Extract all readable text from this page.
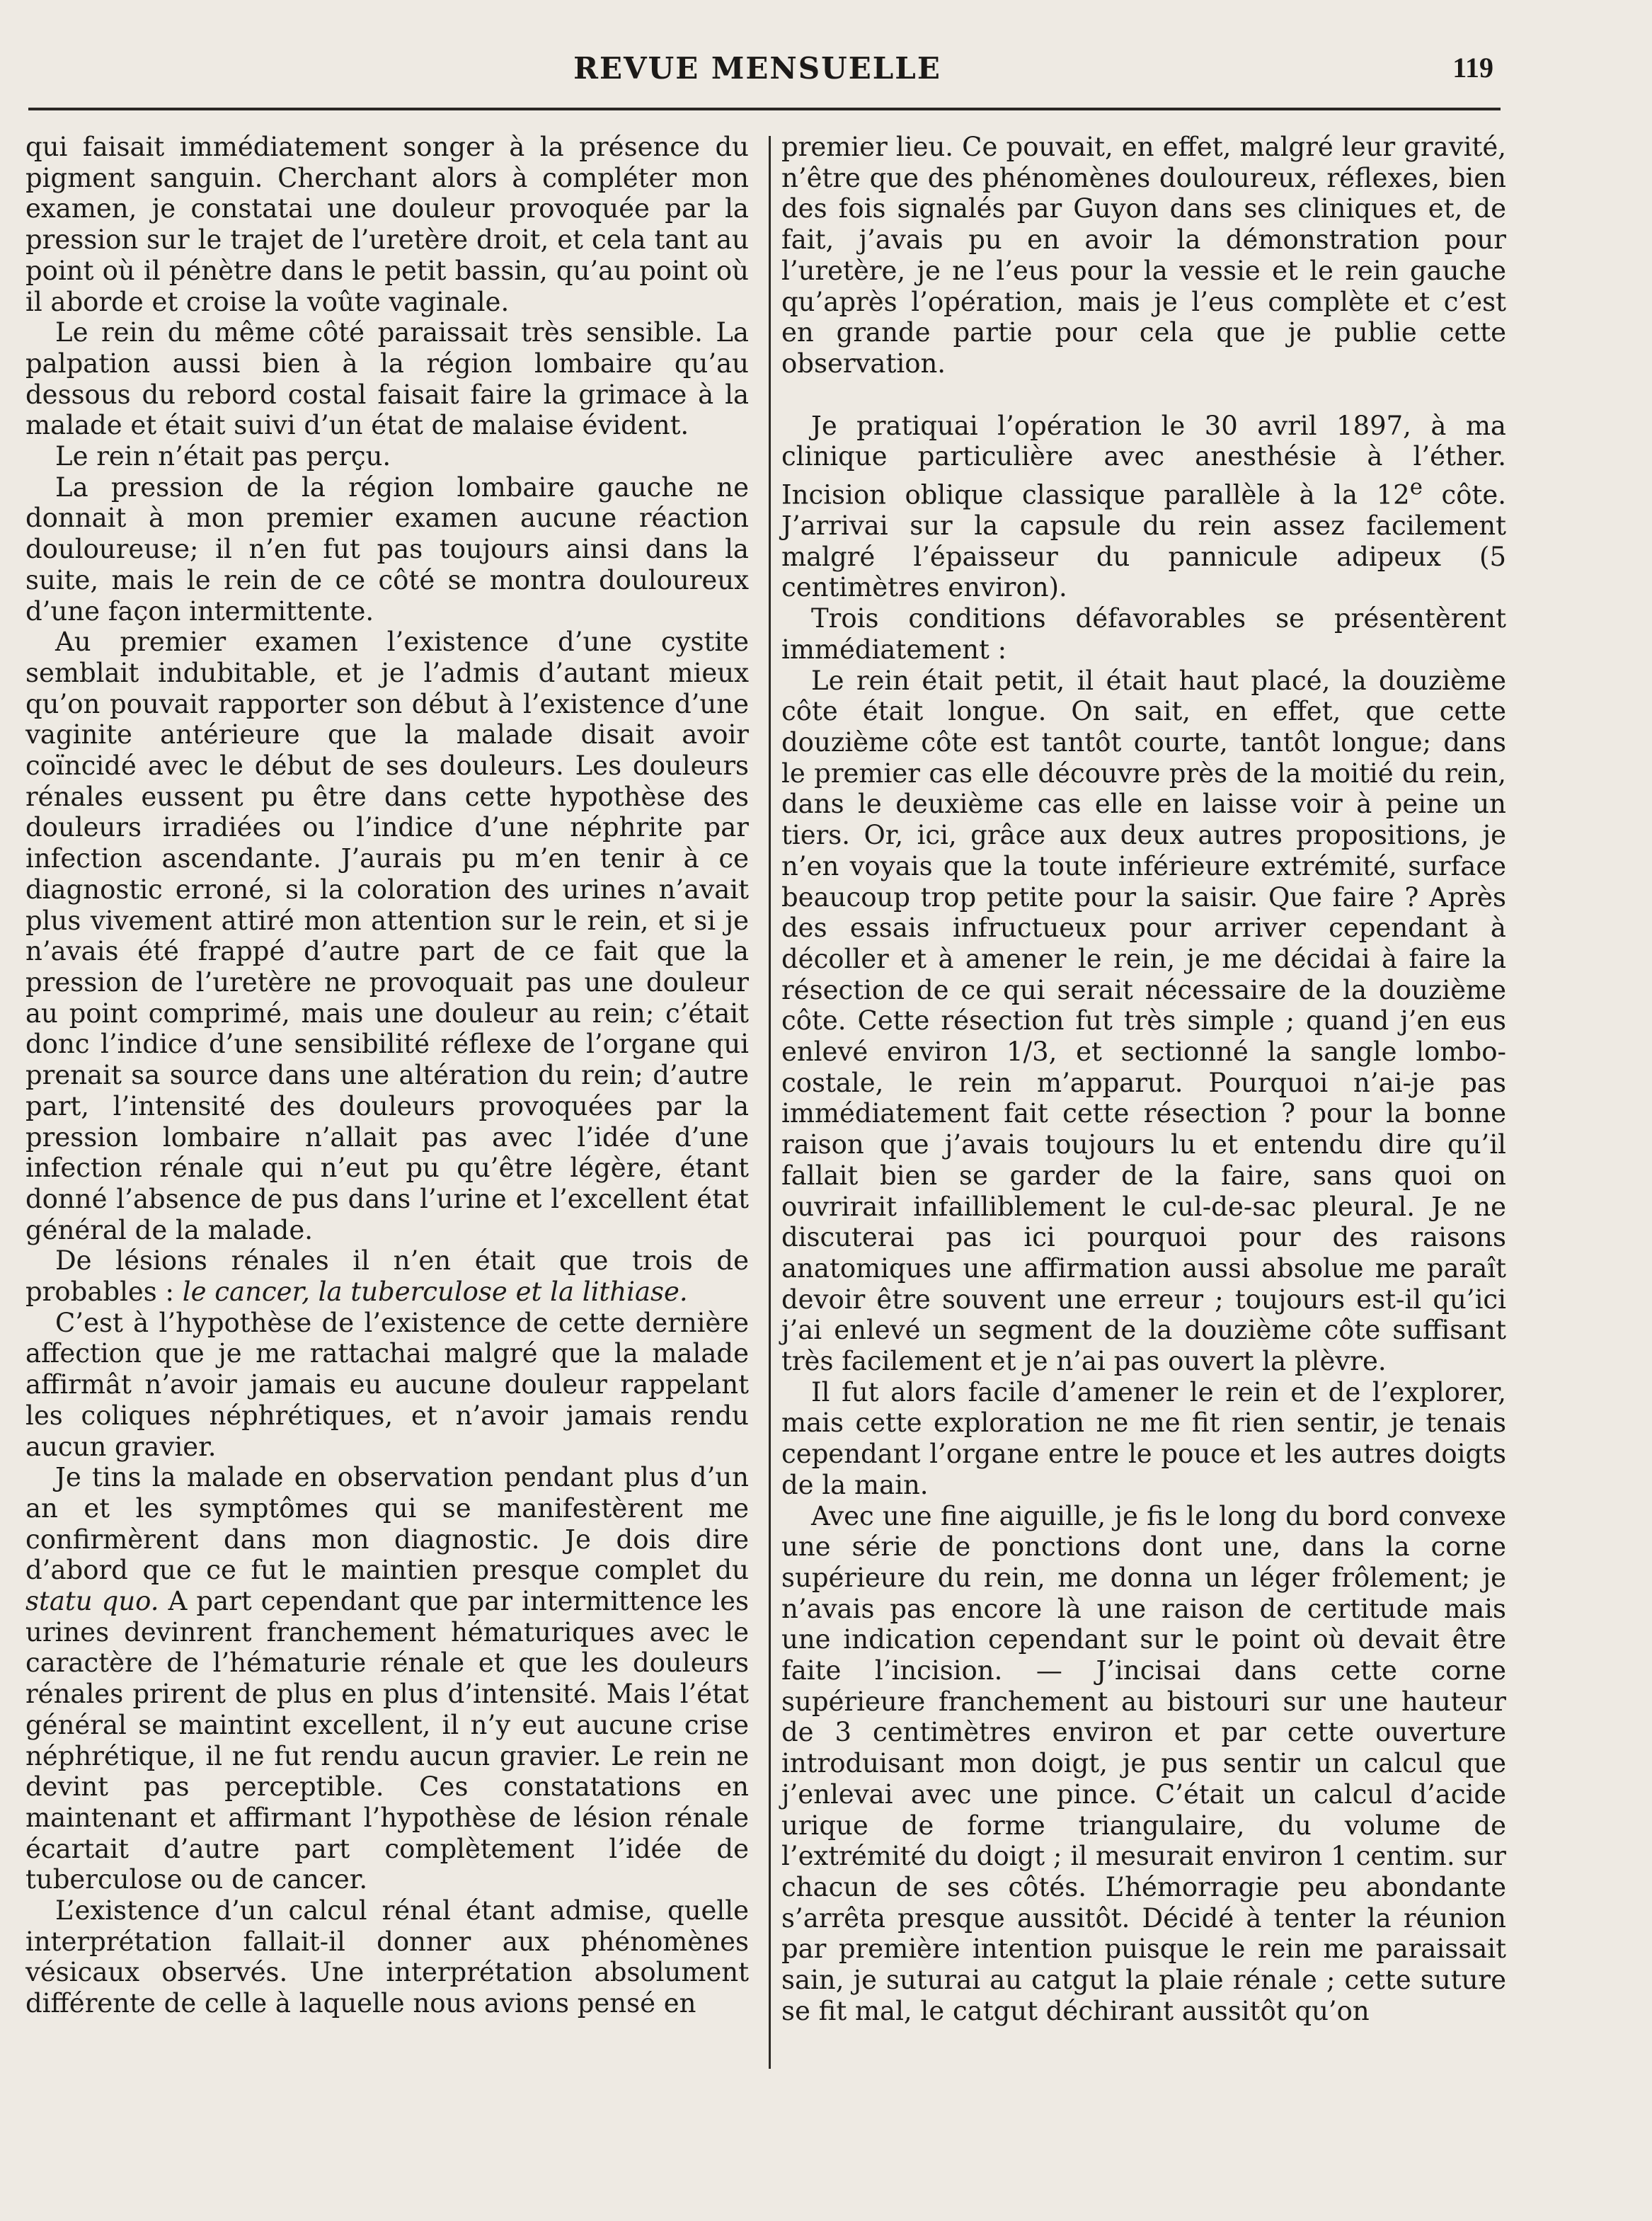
REVUE MENSUELLE	119

qui faisait immédiatement songer à la présence du pigment sanguin. Cherchant alors à compléter mon examen, je constatai une douleur provoquée par la pression sur le trajet de l’uretère droit, et cela tant au point où il pénètre dans le petit bassin, qu’au point où il aborde et croise la voûte vaginale.

Le rein du même côté paraissait très sensible. La palpation aussi bien à la région lombaire qu’au dessous du rebord costal faisait faire la grimace à la malade et était suivi d’un état de malaise évident.

Le rein n’était pas perçu.

La pression de la région lombaire gauche ne donnait à mon premier examen aucune réaction douloureuse; il n’en fut pas toujours ainsi dans la suite, mais le rein de ce côté se montra douloureux d’une façon intermittente.

Au premier examen l’existence d’une cystite semblait indubitable, et je l’admis d’autant mieux qu’on pouvait rapporter son début à l’existence d’une vaginite antérieure que la malade disait avoir coïncidé avec le début de ses douleurs. Les douleurs rénales eussent pu être dans cette hypothèse des douleurs irradiées ou l’indice d’une néphrite par infection ascendante. J’aurais pu m’en tenir à ce diagnostic erroné, si la coloration des urines n’avait plus vivement attiré mon attention sur le rein, et si je n’avais été frappé d’autre part de ce fait que la pression de l’uretère ne provoquait pas une douleur au point comprimé, mais une douleur au rein; c’était donc l’indice d’une sensibilité réflexe de l’organe qui prenait sa source dans une altération du rein; d’autre part, l’intensité des douleurs provoquées par la pression lombaire n’allait pas avec l’idée d’une infection rénale qui n’eut pu qu’être légère, étant donné l’absence de pus dans l’urine et l’excellent état général de la malade.

De lésions rénales il n’en était que trois de probables : le cancer, la tuberculose et la lithiase.

C’est à l’hypothèse de l’existence de cette dernière affection que je me rattachai malgré que la malade affirmât n’avoir jamais eu aucune douleur rappelant les coliques néphrétiques, et n’avoir jamais rendu aucun gravier.

Je tins la malade en observation pendant plus d’un an et les symptômes qui se manifestèrent me confirmèrent dans mon diagnostic. Je dois dire d’abord que ce fut le maintien presque complet du statu quo. A part cependant que par intermittence les urines devinrent franchement hématuriques avec le caractère de l’hématurie rénale et que les douleurs rénales prirent de plus en plus d’intensité. Mais l’état général se maintint excellent, il n’y eut aucune crise néphrétique, il ne fut rendu aucun gravier. Le rein ne devint pas perceptible. Ces constatations en maintenant et affirmant l’hypothèse de lésion rénale écartait d’autre part complètement l’idée de tuberculose ou de cancer.

L’existence d’un calcul rénal étant admise, quelle interprétation fallait-il donner aux phénomènes vésicaux observés. Une interprétation absolument différente de celle à laquelle nous avions pensé en

premier lieu. Ce pouvait, en effet, malgré leur gravité, n’être que des phénomènes douloureux, réflexes, bien des fois signalés par Guyon dans ses cliniques et, de fait, j’avais pu en avoir la démonstration pour l’uretère, je ne l’eus pour la vessie et le rein gauche qu’après l’opération, mais je l’eus complète et c’est en grande partie pour cela que je publie cette observation.

Je pratiquai l’opération le 30 avril 1897, à ma clinique particulière avec anesthésie à l’éther. Incision oblique classique parallèle à la 12e côte. J’arrivai sur la capsule du rein assez facilement malgré l’épaisseur du pannicule adipeux (5 centimètres environ).

Trois conditions défavorables se présentèrent immédiatement :

Le rein était petit, il était haut placé, la douzième côte était longue. On sait, en effet, que cette douzième côte est tantôt courte, tantôt longue; dans le premier cas elle découvre près de la moitié du rein, dans le deuxième cas elle en laisse voir à peine un tiers. Or, ici, grâce aux deux autres propositions, je n’en voyais que la toute inférieure extrémité, surface beaucoup trop petite pour la saisir. Que faire ? Après des essais infructueux pour arriver cependant à décoller et à amener le rein, je me décidai à faire la résection de ce qui serait nécessaire de la douzième côte. Cette résection fut très simple ; quand j’en eus enlevé environ 1/3, et sectionné la sangle lombo-costale, le rein m’apparut. Pourquoi n’ai-je pas immédiatement fait cette résection ? pour la bonne raison que j’avais toujours lu et entendu dire qu’il fallait bien se garder de la faire, sans quoi on ouvrirait infailliblement le cul-de-sac pleural. Je ne discuterai pas ici pourquoi pour des raisons anatomiques une affirmation aussi absolue me paraît devoir être souvent une erreur ; toujours est-il qu’ici j’ai enlevé un segment de la douzième côte suffisant très facilement et je n’ai pas ouvert la plèvre.

Il fut alors facile d’amener le rein et de l’explorer, mais cette exploration ne me fit rien sentir, je tenais cependant l’organe entre le pouce et les autres doigts de la main.

Avec une fine aiguille, je fis le long du bord convexe une série de ponctions dont une, dans la corne supérieure du rein, me donna un léger frôlement; je n’avais pas encore là une raison de certitude mais une indication cependant sur le point où devait être faite l’incision. — J’incisai dans cette corne supérieure franchement au bistouri sur une hauteur de 3 centimètres environ et par cette ouverture introduisant mon doigt, je pus sentir un calcul que j’enlevai avec une pince. C’était un calcul d’acide urique de forme triangulaire, du volume de l’extrémité du doigt ; il mesurait environ 1 centim. sur chacun de ses côtés. L’hémorragie peu abondante s’arrêta presque aussitôt. Décidé à tenter la réunion par première intention puisque le rein me paraissait sain, je suturai au catgut la plaie rénale ; cette suture se fit mal, le catgut déchirant aussitôt qu’on
